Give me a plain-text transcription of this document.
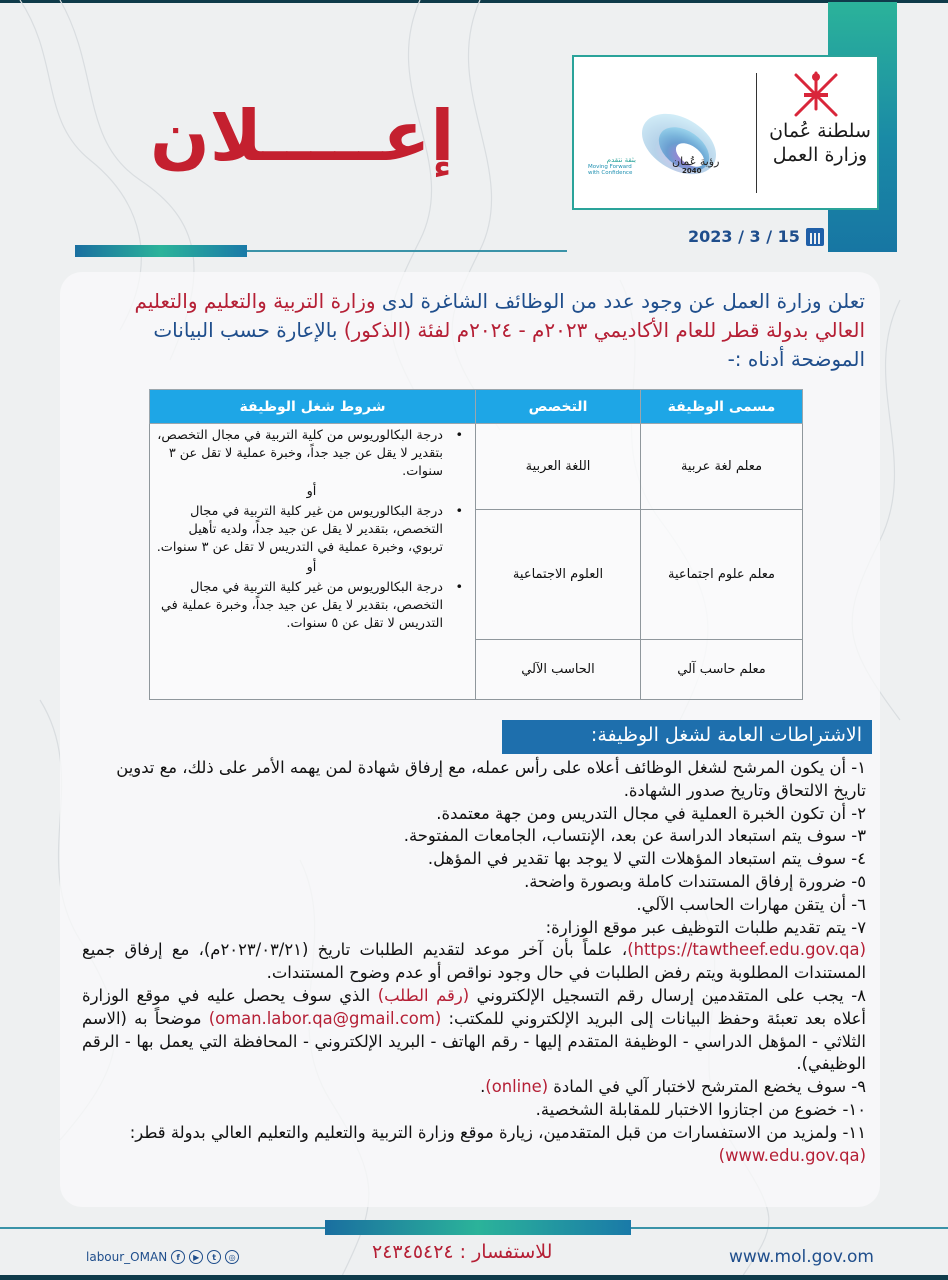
رؤية عُمان
2040
بثقة نتقدم
Moving Forward with Confidence
سلطنة عُمان
وزارة العمل
2023 / 3 / 15
إعـــــلان
تعلن وزارة العمل عن وجود عدد من الوظائف الشاغرة لدى وزارة التربية والتعليم والتعليم العالي بدولة قطر للعام الأكاديمي ٢٠٢٣م - ٢٠٢٤م لفئة (الذكور) بالإعارة حسب البيانات الموضحة أدناه :-
مسمى الوظيفة	التخصص	شروط شغل الوظيفة
معلم لغة عربية	اللغة العربية	• درجة البكالوريوس من كلية التربية في مجال التخصص، بتقدير لا يقل عن جيد جداً، وخبرة عملية لا تقل عن ٣ سنوات.
أو
• درجة البكالوريوس من غير كلية التربية في مجال التخصص، بتقدير لا يقل عن جيد جداً، ولديه تأهيل تربوي، وخبرة عملية في التدريس لا تقل عن ٣ سنوات.
أو
• درجة البكالوريوس من غير كلية التربية في مجال التخصص، بتقدير لا يقل عن جيد جداً، وخبرة عملية في التدريس لا تقل عن ٥ سنوات.

معلم علوم اجتماعية	العلوم الاجتماعية	
معلم حاسب آلي	الحاسب الآلي	
الاشتراطات العامة لشغل الوظيفة:
١- أن يكون المرشح لشغل الوظائف أعلاه على رأس عمله، مع إرفاق شهادة لمن يهمه الأمر على ذلك، مع تدوين تاريخ الالتحاق وتاريخ صدور الشهادة.
٢- أن تكون الخبرة العملية في مجال التدريس ومن جهة معتمدة.
٣- سوف يتم استبعاد الدراسة عن بعد، الإنتساب، الجامعات المفتوحة.
٤- سوف يتم استبعاد المؤهلات التي لا يوجد بها تقدير في المؤهل.
٥- ضرورة إرفاق المستندات كاملة وبصورة واضحة.
٦- أن يتقن مهارات الحاسب الآلي.
٧- يتم تقديم طلبات التوظيف عبر موقع الوزارة:
(https://tawtheef.edu.gov.qa)، علماً بأن آخر موعد لتقديم الطلبات تاريخ (٢٠٢٣/٠٣/٢١م)، مع إرفاق جميع المستندات المطلوبة ويتم رفض الطلبات في حال وجود نواقص أو عدم وضوح المستندات.
٨- يجب على المتقدمين إرسال رقم التسجيل الإلكتروني (رقم الطلب) الذي سوف يحصل عليه في موقع الوزارة أعلاه بعد تعبئة وحفظ البيانات إلى البريد الإلكتروني للمكتب: (oman.labor.qa@gmail.com) موضحاً به (الاسم الثلاثي - المؤهل الدراسي - الوظيفة المتقدم إليها - رقم الهاتف - البريد الإلكتروني - المحافظة التي يعمل بها - الرقم الوظيفي).
٩- سوف يخضع المترشح لاختبار آلي في المادة (online).
١٠- خضوع من اجتازوا الاختبار للمقابلة الشخصية.
١١- ولمزيد من الاستفسارات من قبل المتقدمين، زيارة موقع وزارة التربية والتعليم والتعليم العالي بدولة قطر:(www.edu.gov.qa)
labour_OMAN	f	▶	t	◎	للاستفسار : ٢٤٣٤٥٤٢٤	www.mol.gov.om
